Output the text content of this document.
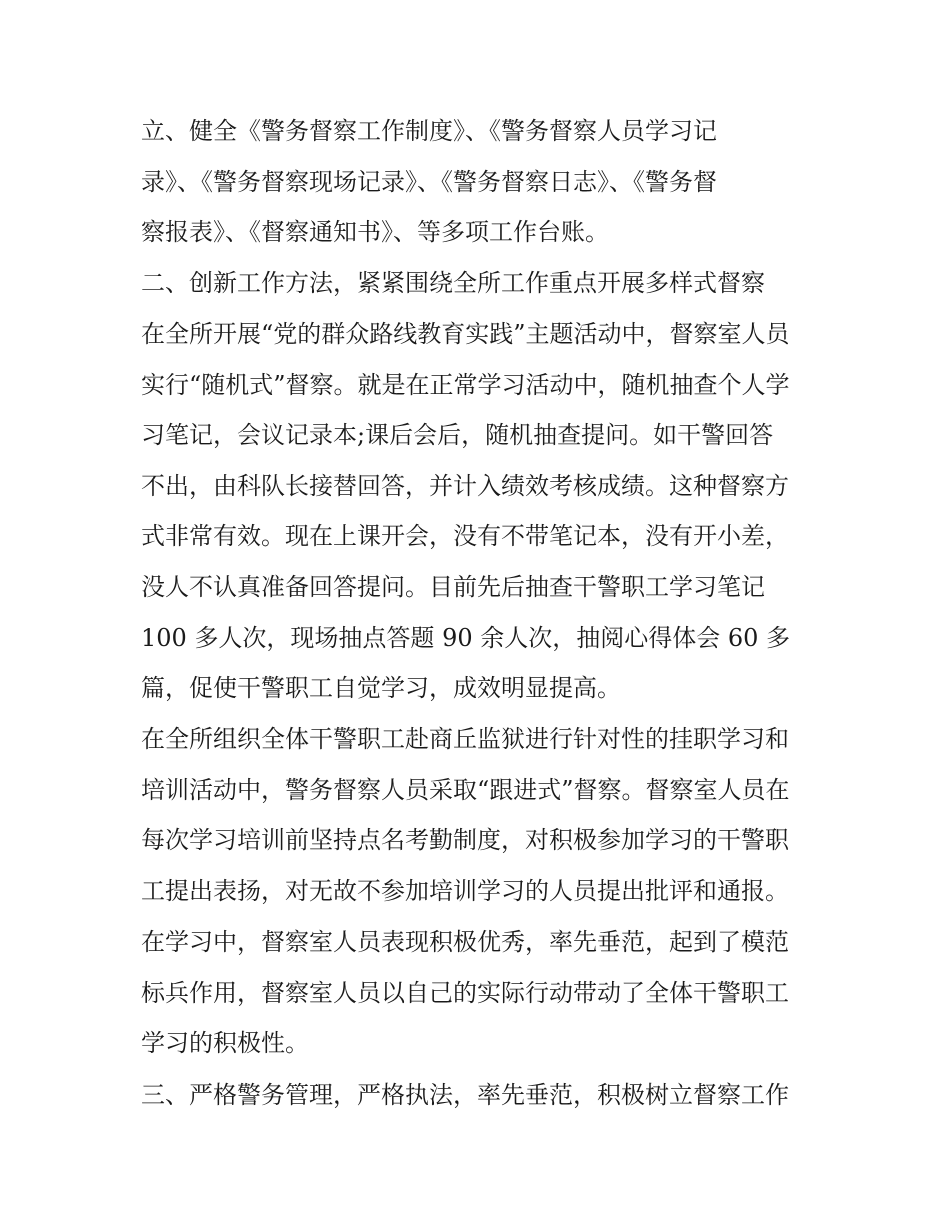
立、健全《警务督察工作制度》、《警务督察人员学习记
录》、《警务督察现场记录》、《警务督察日志》、《警务督
察报表》、《督察通知书》、等多项工作台账。
二、创新工作方法，紧紧围绕全所工作重点开展多样式督察
在全所开展“党的群众路线教育实践”主题活动中，督察室人员
实行“随机式”督察。就是在正常学习活动中，随机抽查个人学
习笔记，会议记录本;课后会后，随机抽查提问。如干警回答
不出，由科队长接替回答，并计入绩效考核成绩。这种督察方
式非常有效。现在上课开会，没有不带笔记本，没有开小差，
没人不认真准备回答提问。目前先后抽查干警职工学习笔记
100 多人次，现场抽点答题 90 余人次，抽阅心得体会 60 多
篇，促使干警职工自觉学习，成效明显提高。
在全所组织全体干警职工赴商丘监狱进行针对性的挂职学习和
培训活动中，警务督察人员采取“跟进式”督察。督察室人员在
每次学习培训前坚持点名考勤制度，对积极参加学习的干警职
工提出表扬，对无故不参加培训学习的人员提出批评和通报。
在学习中，督察室人员表现积极优秀，率先垂范，起到了模范
标兵作用，督察室人员以自己的实际行动带动了全体干警职工
学习的积极性。
三、严格警务管理，严格执法，率先垂范，积极树立督察工作
